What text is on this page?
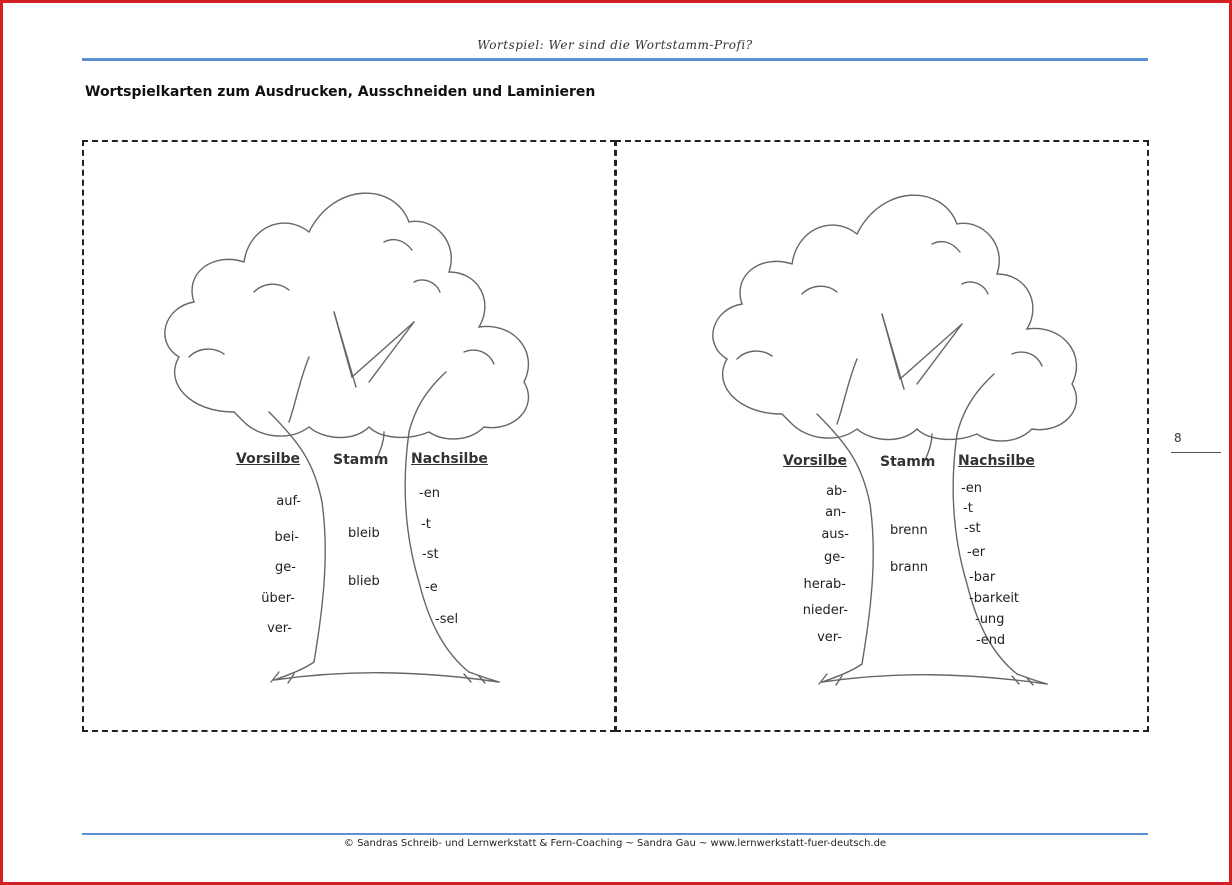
Wortspiel: Wer sind die Wortstamm-Profi?
Wortspielkarten zum Ausdrucken, Ausschneiden und Laminieren
Vorsilbe Stamm Nachsilbe
auf-
bei-
ge-
über-
ver-
bleib
blieb
-en
-t
-st
-e
-sel
Vorsilbe Stamm Nachsilbe
ab-
an-
aus-
ge-
herab-
nieder-
ver-
brenn
brann
-en
-t
-st
-er
-bar
-barkeit
-ung
-end
8
© Sandras Schreib- und Lernwerkstatt & Fern-Coaching ~ Sandra Gau ~ www.lernwerkstatt-fuer-deutsch.de
